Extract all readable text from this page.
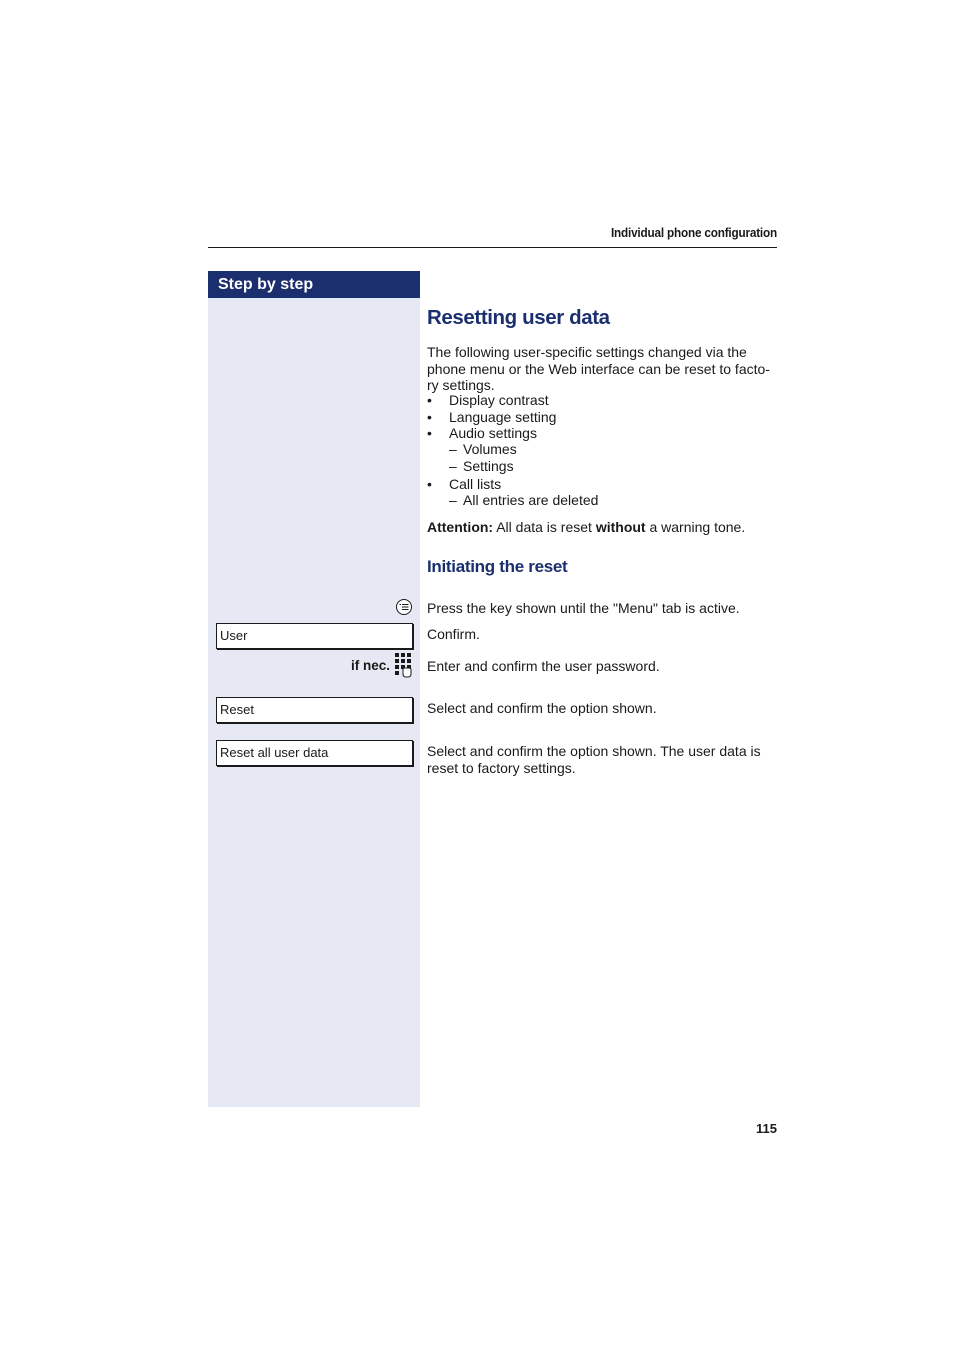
Individual phone configuration
Step by step
Resetting user data
The following user-specific settings changed via the
phone menu or the Web interface can be reset to facto-
ry settings.
• Display contrast
• Language setting
• Audio settings
– Volumes
– Settings
• Call lists
– All entries are deleted
Attention: All data is reset without a warning tone.
Initiating the reset
Press the key shown until the "Menu" tab is active.
User	Confirm.
if nec.	Enter and confirm the user password.
Reset	Select and confirm the option shown.
Reset all user data	Select and confirm the option shown. The user data is
reset to factory settings.
115
